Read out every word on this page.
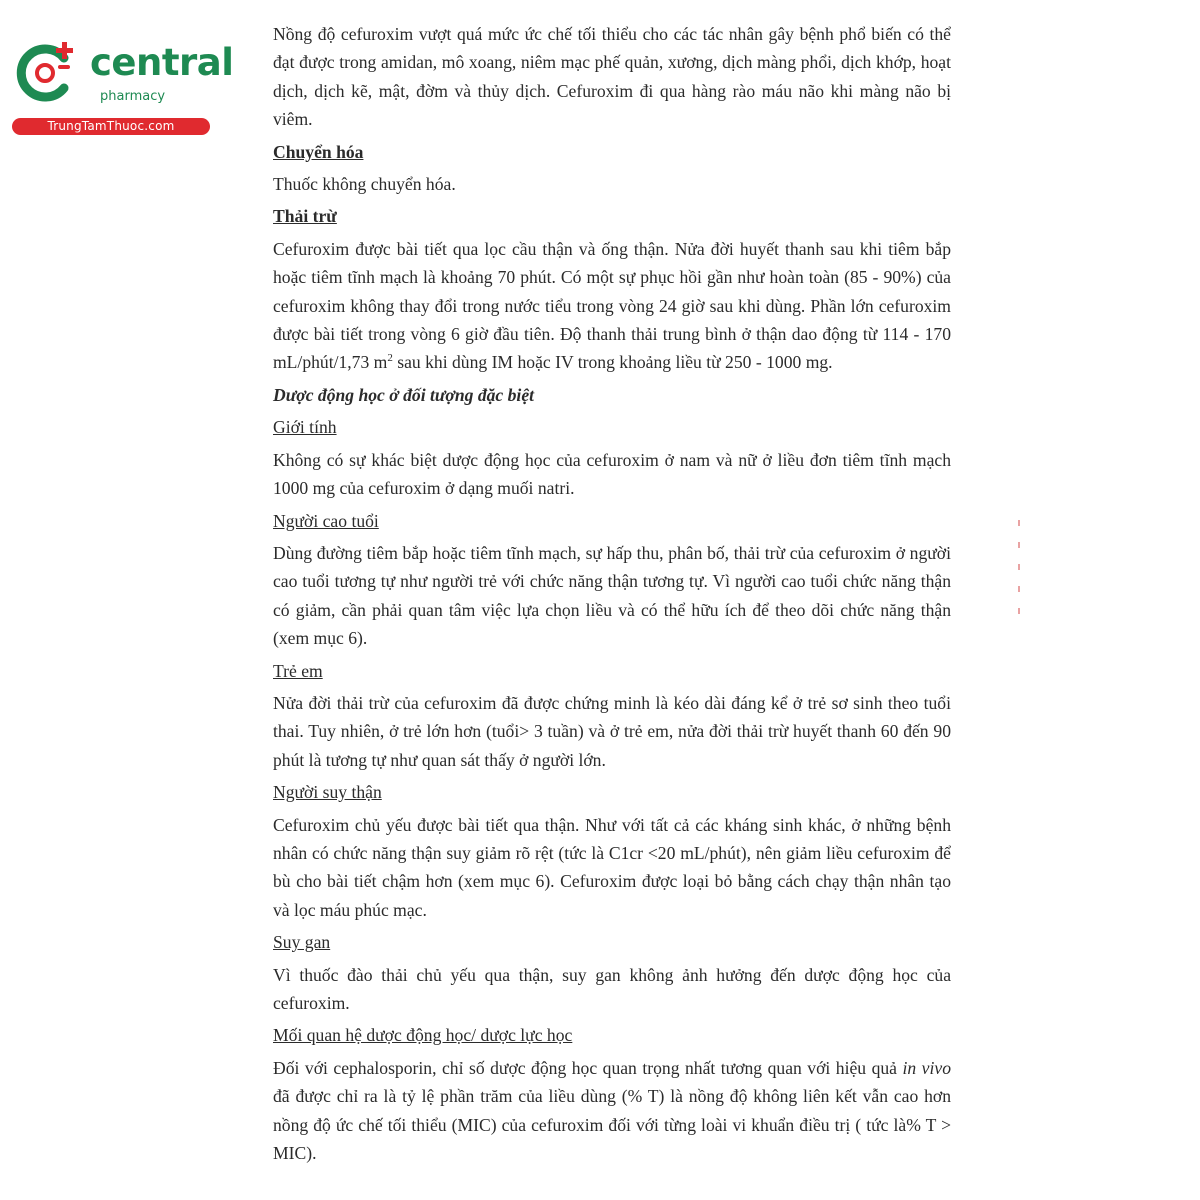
central
pharmacy
TrungTamThuoc.com

Nồng độ cefuroxim vượt quá mức ức chế tối thiểu cho các tác nhân gây bệnh phổ biến có thể đạt được trong amidan, mô xoang, niêm mạc phế quản, xương, dịch màng phổi, dịch khớp, hoạt dịch, dịch kẽ, mật, đờm và thủy dịch. Cefuroxim đi qua hàng rào máu não khi màng não bị viêm.

Chuyển hóa

Thuốc không chuyển hóa.

Thải trừ

Cefuroxim được bài tiết qua lọc cầu thận và ống thận. Nửa đời huyết thanh sau khi tiêm bắp hoặc tiêm tĩnh mạch là khoảng 70 phút. Có một sự phục hồi gần như hoàn toàn (85 - 90%) của cefuroxim không thay đổi trong nước tiểu trong vòng 24 giờ sau khi dùng. Phần lớn cefuroxim được bài tiết trong vòng 6 giờ đầu tiên. Độ thanh thải trung bình ở thận dao động từ 114 - 170 mL/phút/1,73 $m^2$ sau khi dùng IM hoặc IV trong khoảng liều từ 250 - 1000 mg.

Dược động học ở đối tượng đặc biệt
Giới tính

Không có sự khác biệt dược động học của cefuroxim ở nam và nữ ở liều đơn tiêm tĩnh mạch 1000 mg của cefuroxim ở dạng muối natri.

Người cao tuổi

Dùng đường tiêm bắp hoặc tiêm tĩnh mạch, sự hấp thu, phân bố, thải trừ của cefuroxim ở người cao tuổi tương tự như người trẻ với chức năng thận tương tự. Vì người cao tuổi chức năng thận có giảm, cần phải quan tâm việc lựa chọn liều và có thể hữu ích để theo dõi chức năng thận (xem mục 6).

Trẻ em

Nửa đời thải trừ của cefuroxim đã được chứng minh là kéo dài đáng kể ở trẻ sơ sinh theo tuổi thai. Tuy nhiên, ở trẻ lớn hơn (tuổi> 3 tuần) và ở trẻ em, nửa đời thải trừ huyết thanh 60 đến 90 phút là tương tự như quan sát thấy ở người lớn.

Người suy thận

Cefuroxim chủ yếu được bài tiết qua thận. Như với tất cả các kháng sinh khác, ở những bệnh nhân có chức năng thận suy giảm rõ rệt (tức là C1cr <20 mL/phút), nên giảm liều cefuroxim để bù cho bài tiết chậm hơn (xem mục 6). Cefuroxim được loại bỏ bằng cách chạy thận nhân tạo và lọc máu phúc mạc.

Suy gan

Vì thuốc đào thải chủ yếu qua thận, suy gan không ảnh hưởng đến dược động học của cefuroxim.

Mối quan hệ dược động học/ dược lực học

Đối với cephalosporin, chỉ số dược động học quan trọng nhất tương quan với hiệu quả in vivo đã được chỉ ra là tỷ lệ phần trăm của liều dùng (% T) là nồng độ không liên kết vẫn cao hơn nồng độ ức chế tối thiểu (MIC) của cefuroxim đối với từng loài vi khuẩn điều trị ( tức là% T > MIC).
